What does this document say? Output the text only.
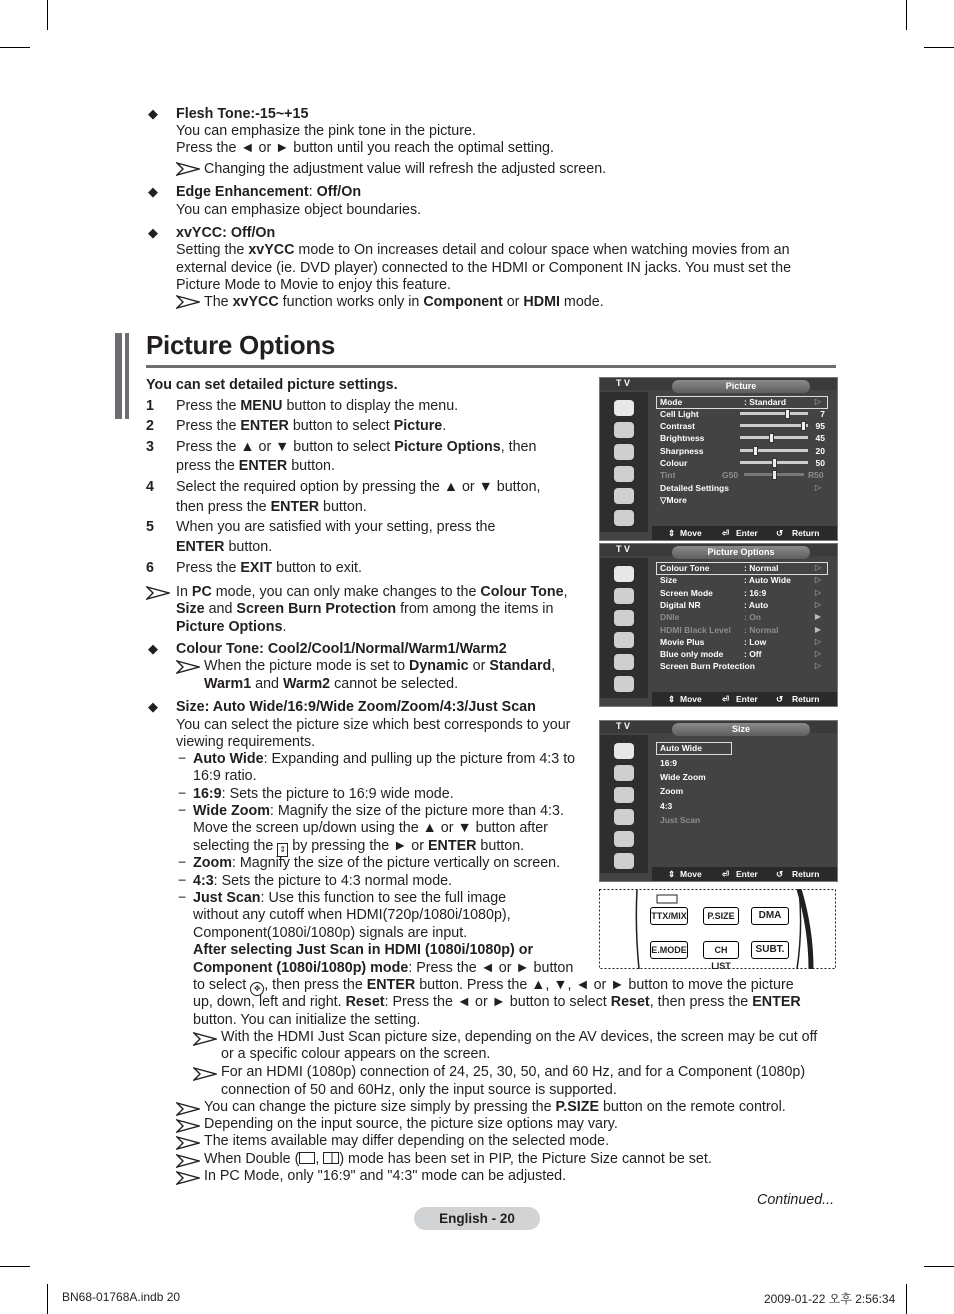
◆ Flesh Tone:-15~+15
You can emphasize the pink tone in the picture.
Press the ◄ or ► button until you reach the optimal setting.
Changing the adjustment value will refresh the adjusted screen.
◆ Edge Enhancement: Off/On
You can emphasize object boundaries.
◆ xvYCC: Off/On
Setting the xvYCC mode to On increases detail and colour space when watching movies from an
external device (ie. DVD player) connected to the HDMI or Component IN jacks. You must set the
Picture Mode to Movie to enjoy this feature.
The xvYCC function works only in Component or HDMI mode.
Picture Options
You can set detailed picture settings.
1 Press the MENU button to display the menu.
2 Press the ENTER button to select Picture.
3 Press the ▲ or ▼ button to select Picture Options, then
press the ENTER button.
4 Select the required option by pressing the ▲ or ▼ button,
then press the ENTER button.
5 When you are satisfied with your setting, press the
ENTER button.
6 Press the EXIT button to exit.
In PC mode, you can only make changes to the Colour Tone,
Size and Screen Burn Protection from among the items in
Picture Options.
◆ Colour Tone: Cool2/Cool1/Normal/Warm1/Warm2
When the picture mode is set to Dynamic or Standard,
Warm1 and Warm2 cannot be selected.
◆ Size: Auto Wide/16:9/Wide Zoom/Zoom/4:3/Just Scan
You can select the picture size which best corresponds to your
viewing requirements.
− Auto Wide: Expanding and pulling up the picture from 4:3 to
16:9 ratio.
− 16:9: Sets the picture to 16:9 wide mode.
− Wide Zoom: Magnify the size of the picture more than 4:3.
Move the screen up/down using the ▲ or ▼ button after
selecting the ⇕ by pressing the ► or ENTER button.
− Zoom: Magnify the size of the picture vertically on screen.
− 4:3: Sets the picture to 4:3 normal mode.
− Just Scan: Use this function to see the full image
without any cutoff when HDMI(720p/1080i/1080p),
Component(1080i/1080p) signals are input.
After selecting Just Scan in HDMI (1080i/1080p) or
Component (1080i/1080p) mode: Press the ◄ or ► button
to select ✥ , then press the ENTER button. Press the ▲, ▼, ◄ or ► button to move the picture
up, down, left and right. Reset: Press the ◄ or ► button to select Reset, then press the ENTER
button. You can initialize the setting.
With the HDMI Just Scan picture size, depending on the AV devices, the screen may be cut off
or a specific colour appears on the screen.
For an HDMI (1080p) connection of 24, 25, 30, 50, and 60 Hz, and for a Component (1080p)
connection of 50 and 60Hz, only the input source is supported.
You can change the picture size simply by pressing the P.SIZE button on the remote control.
Depending on the input source, the picture size options may vary.
The items available may differ depending on the selected mode.
When Double ( , ) mode has been set in PIP, the Picture Size cannot be set.
In PC Mode, only "16:9" and "4:3" mode can be adjusted.
Continued...
English - 20
BN68-01768A.indb 20	2009-01-22 오후 2:56:34
T V	Picture
Mode	: Standard	▷
Cell Light	7
Contrast	95
Brightness	45
Sharpness	20
Colour	50
Tint	G50	R50
Detailed Settings	▷
▽More
⇕ Move ⏎ Enter ↺ Return
T V	Picture Options
Colour Tone	: Normal	▷
Size	: Auto Wide	▷
Screen Mode	: 16:9	▷
Digital NR	: Auto	▷
DNIe	: On	▶
HDMI Black Level : Normal	▶
Movie Plus	: Low	▷
Blue only mode : Off	▷
Screen Burn Protection	▷
⇕ Move ⏎ Enter ↺ Return
T V	Size
Auto Wide
16:9
Wide Zoom
Zoom
4:3
Just Scan
⇕ Move ⏎ Enter ↺ Return
TTX/MIX	P.SIZE	DMA
E.MODE	CH LIST
SUBT.
